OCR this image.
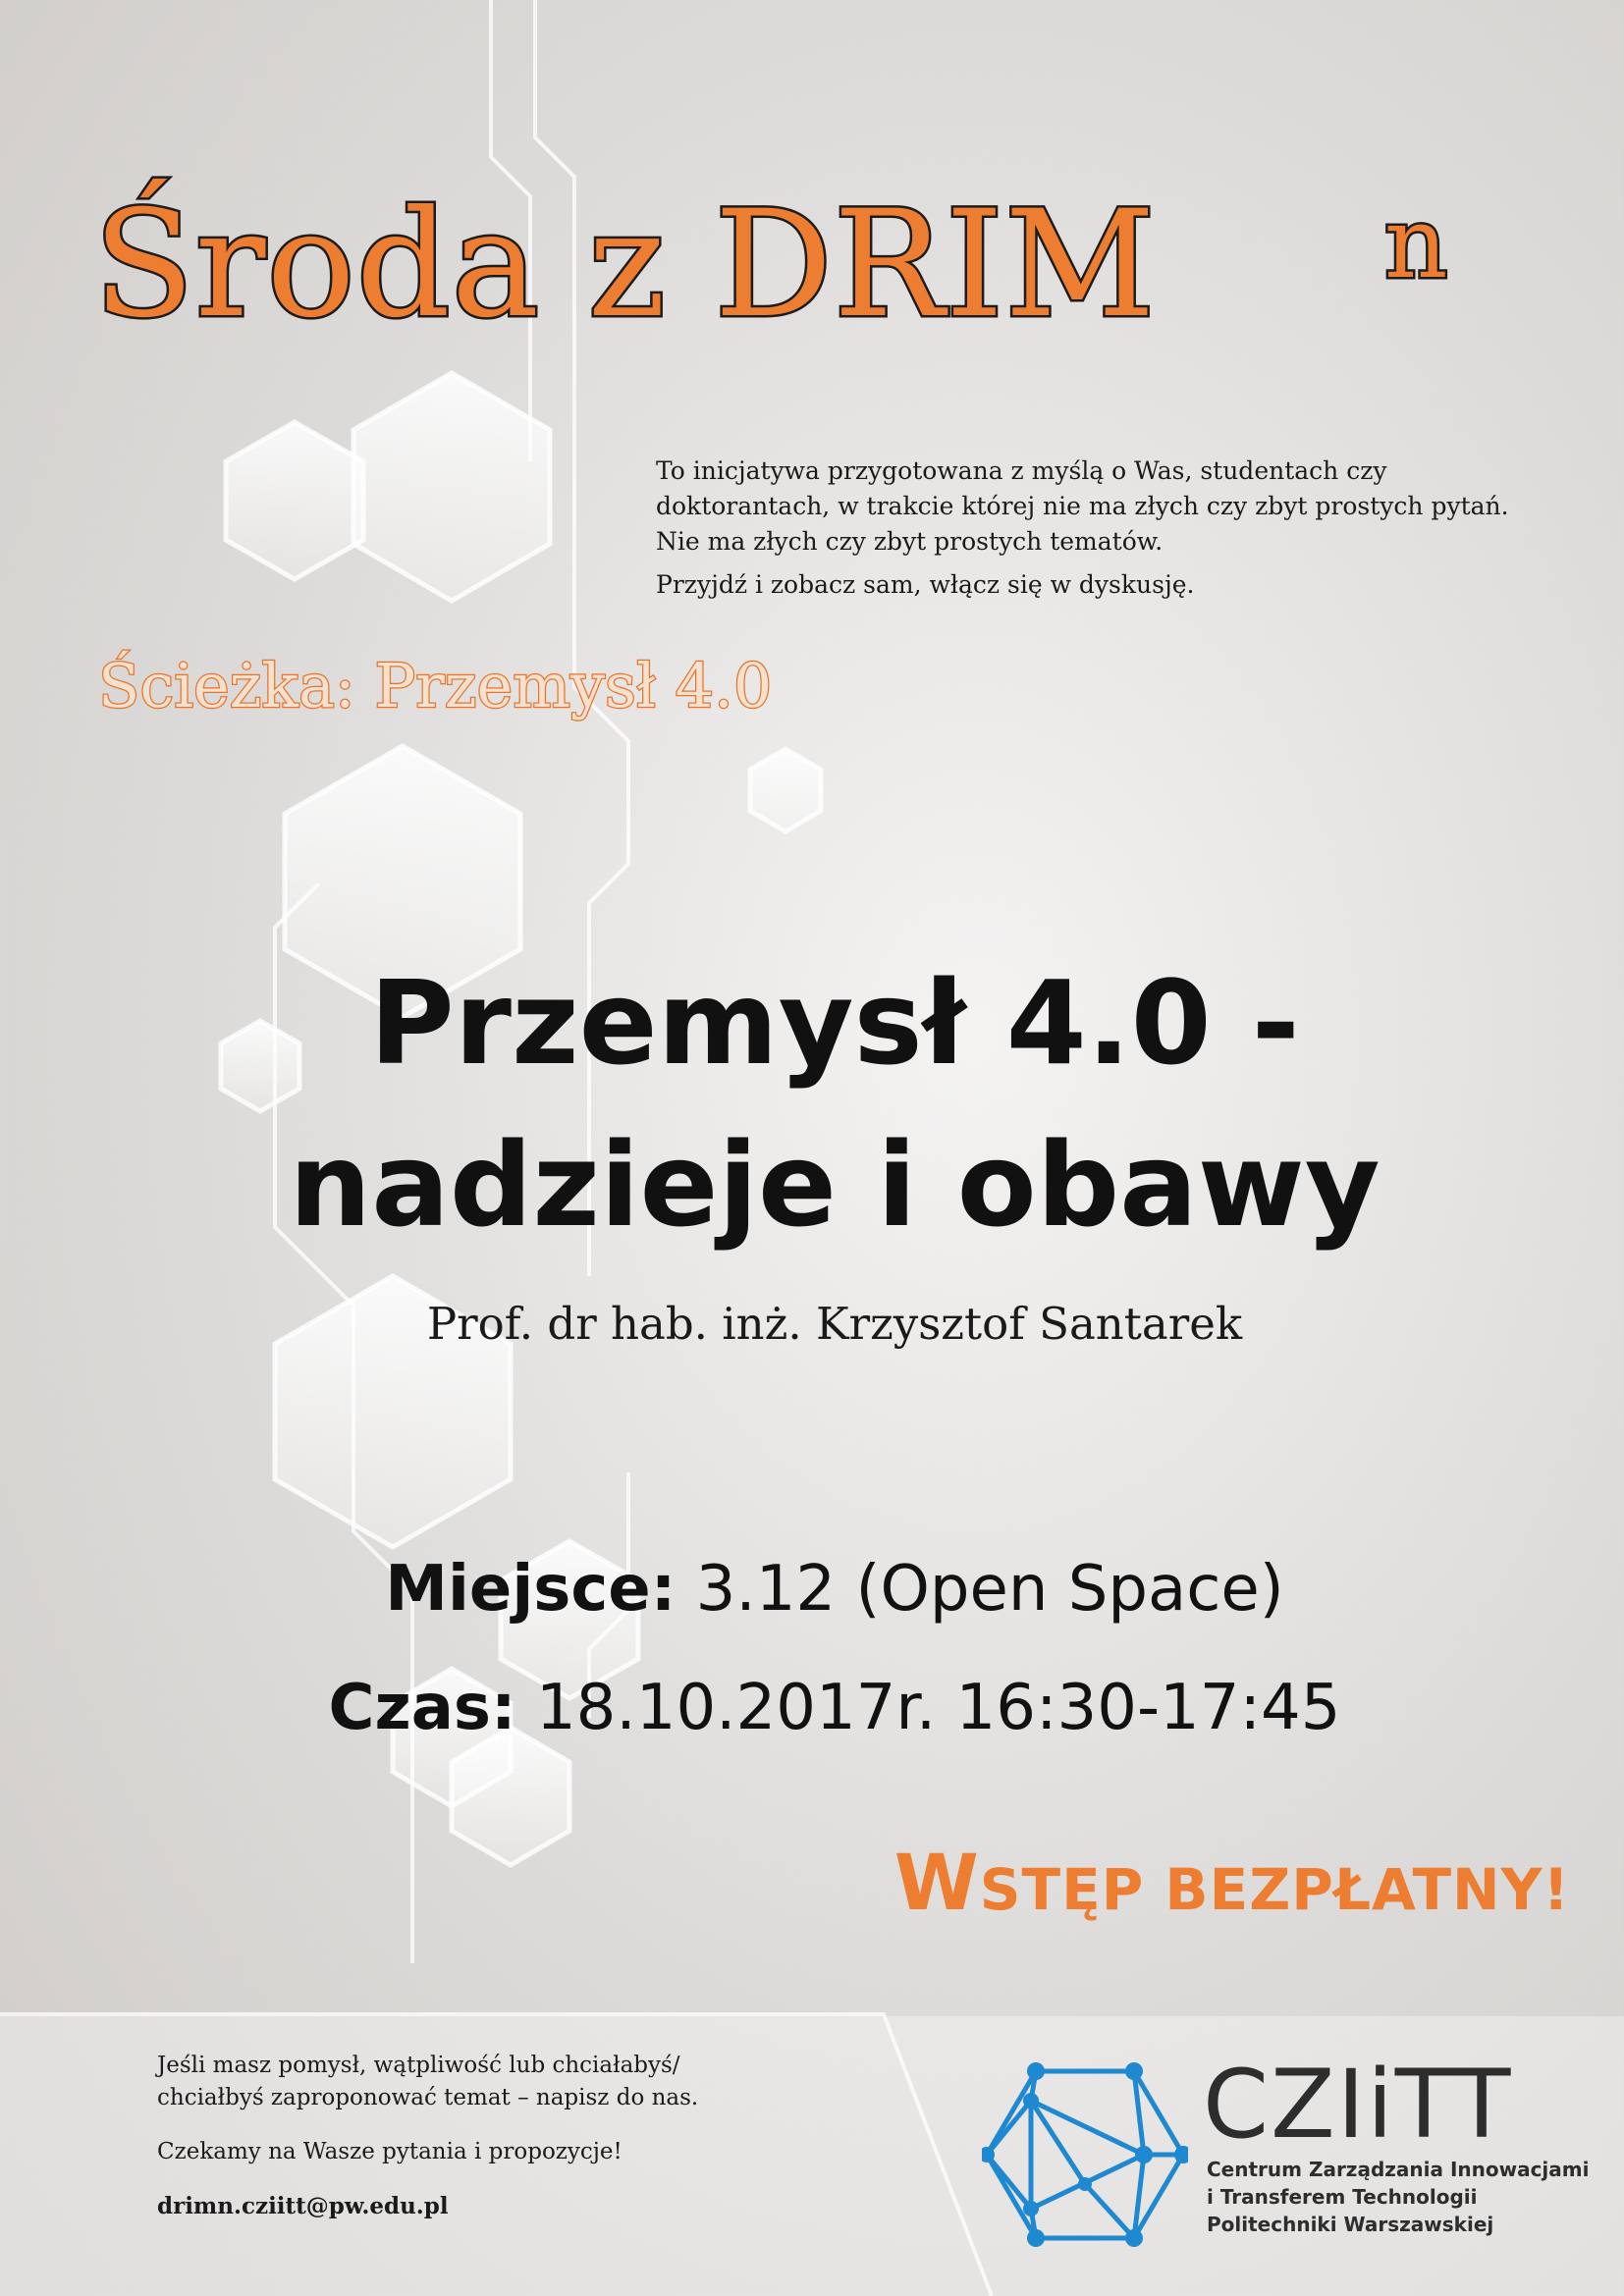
Środa z DRIM n

To inicjatywa przygotowana z myślą o Was, studentach czy

doktorantach, w trakcie której nie ma złych czy zbyt prostych pytań.

Nie ma złych czy zbyt prostych tematów.

Przyjdź i zobacz sam, włącz się w dyskusję.

Ścieżka: Przemysł 4.0
Przemysł 4.0 -
nadzieje i obawy
Prof. dr hab. inż. Krzysztof Santarek
Miejsce: 3.12 (Open Space)
Czas: 18.10.2017r. 16:30-17:45
WSTĘP BEZPŁATNY!

Jeśli masz pomysł, wątpliwość lub chciałabyś/

chciałbyś zaproponować temat – napisz do nas.

Czekamy na Wasze pytania i propozycje!

drimn.cziitt@pw.edu.pl

CZIiTT
Centrum Zarządzania Innowacjami
i Transferem Technologii
Politechniki Warszawskiej
